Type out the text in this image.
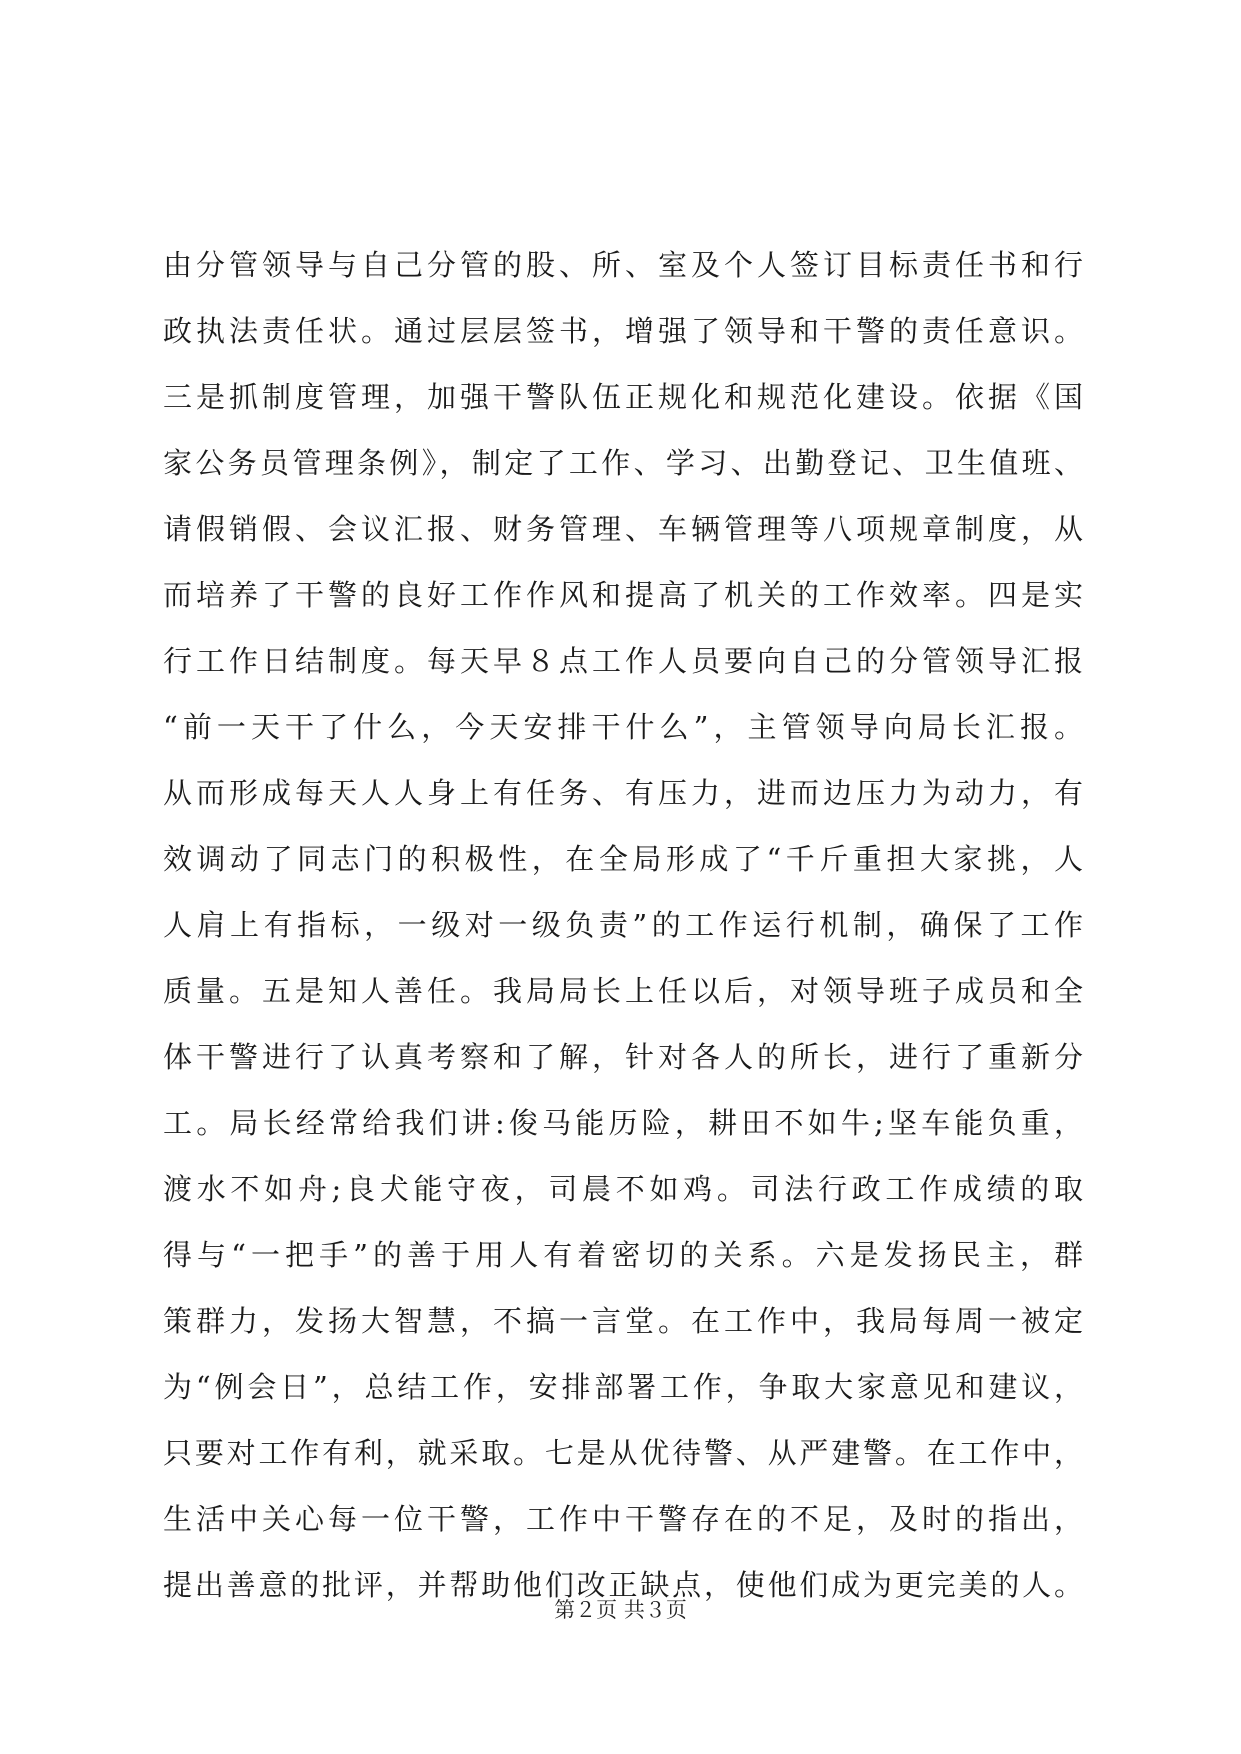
由分管领导与自己分管的股、所、室及个人签订目标责任书和行
政执法责任状。通过层层签书，增强了领导和干警的责任意识。
三是抓制度管理，加强干警队伍正规化和规范化建设。依据《国
家公务员管理条例》，制定了工作、学习、出勤登记、卫生值班、
请假销假、会议汇报、财务管理、车辆管理等八项规章制度，从
而培养了干警的良好工作作风和提高了机关的工作效率。四是实
行工作日结制度。每天早８点工作人员要向自己的分管领导汇报
“前一天干了什么，今天安排干什么”，主管领导向局长汇报。
从而形成每天人人身上有任务、有压力，进而边压力为动力，有
效调动了同志门的积极性，在全局形成了“千斤重担大家挑，人
人肩上有指标，一级对一级负责”的工作运行机制，确保了工作
质量。五是知人善任。我局局长上任以后，对领导班子成员和全
体干警进行了认真考察和了解，针对各人的所长，进行了重新分
工。局长经常给我们讲:俊马能历险，耕田不如牛;坚车能负重，
渡水不如舟;良犬能守夜，司晨不如鸡。司法行政工作成绩的取
得与“一把手”的善于用人有着密切的关系。六是发扬民主，群
策群力，发扬大智慧，不搞一言堂。在工作中，我局每周一被定
为“例会日”，总结工作，安排部署工作，争取大家意见和建议，
只要对工作有利，就采取。七是从优待警、从严建警。在工作中，
生活中关心每一位干警，工作中干警存在的不足，及时的指出，
提出善意的批评，并帮助他们改正缺点，使他们成为更完美的人。
第２页 共３页
